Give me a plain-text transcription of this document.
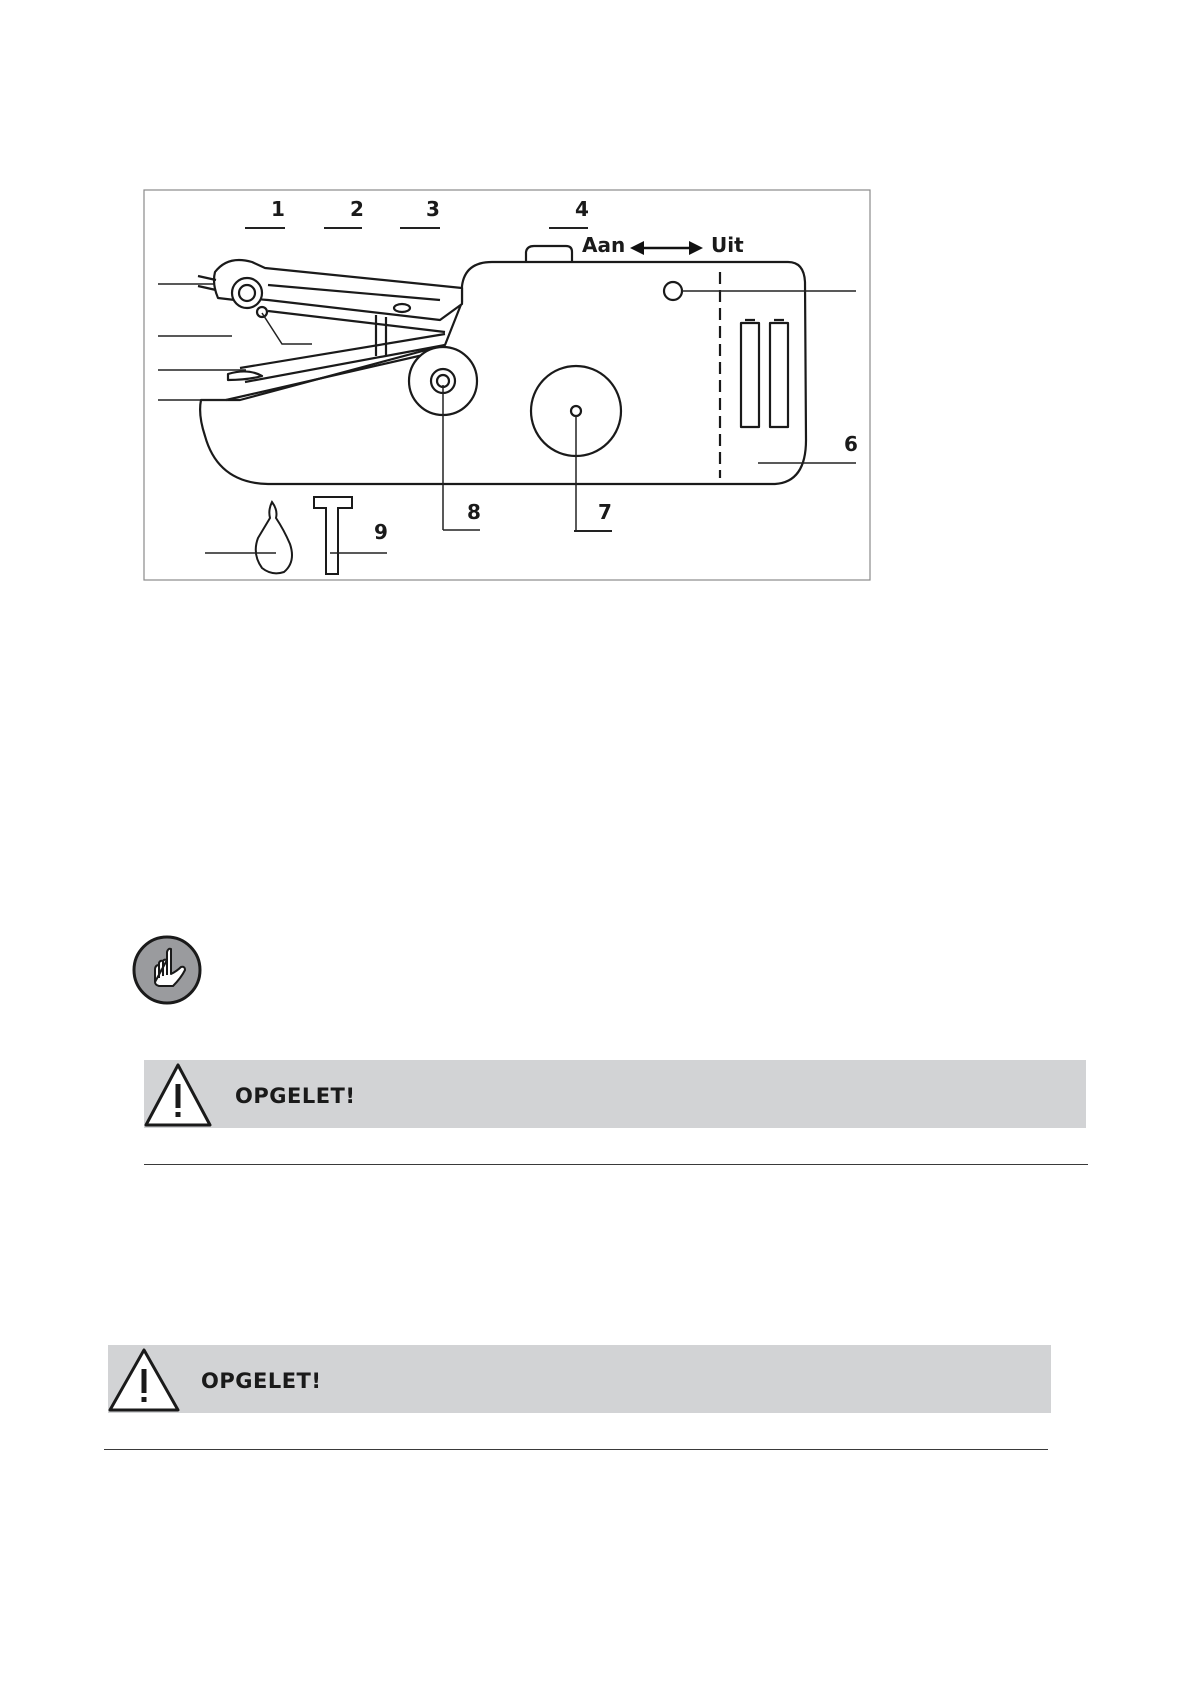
1	2	3	4
Aan	Uit
6
8	7
9
OPGELET!
OPGELET!
